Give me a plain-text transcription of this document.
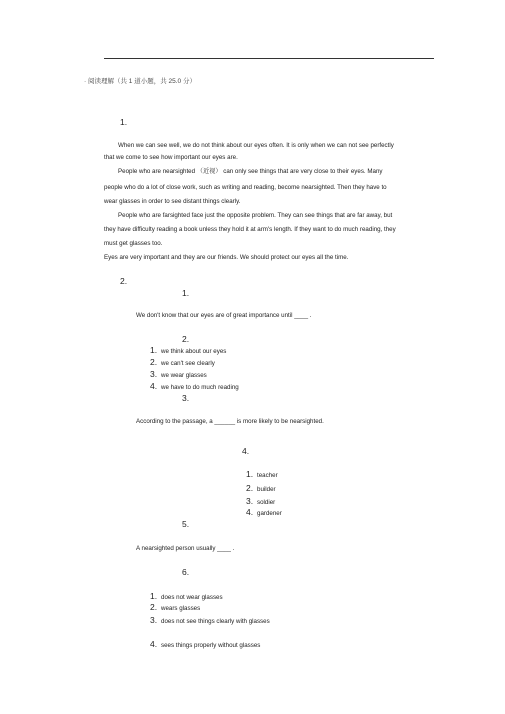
· 阅读理解（共 1 道小题，共 25.0 分）
1.
When we can see well, we do not think about our eyes often. It is only when we can not see perfectly
that we come to see how important our eyes are.
People who are nearsighted （近视） can only see things that are very close to their eyes. Many
people who do a lot of close work, such as writing and reading, become nearsighted. Then they have to
wear glasses in order to see distant things clearly.
People who are farsighted face just the opposite problem. They can see things that are far away, but
they have difficulty reading a book unless they hold it at arm's length. If they want to do much reading, they
must get glasses too.
Eyes are very important and they are our friends. We should protect our eyes all the time.
2.
1.
We don't know that our eyes are of great importance until ____ .
2.
1. we think about our eyes
2. we can't see clearly
3. we wear glasses
4. we have to do much reading
3.
According to the passage, a ______ is more likely to be nearsighted.
4.
1. teacher
2. builder
3. soldier
4. gardener
5.
A nearsighted person usually ____ .
6.
1. does not wear glasses
2. wears glasses
3. does not see things clearly with glasses
4. sees things properly without glasses
